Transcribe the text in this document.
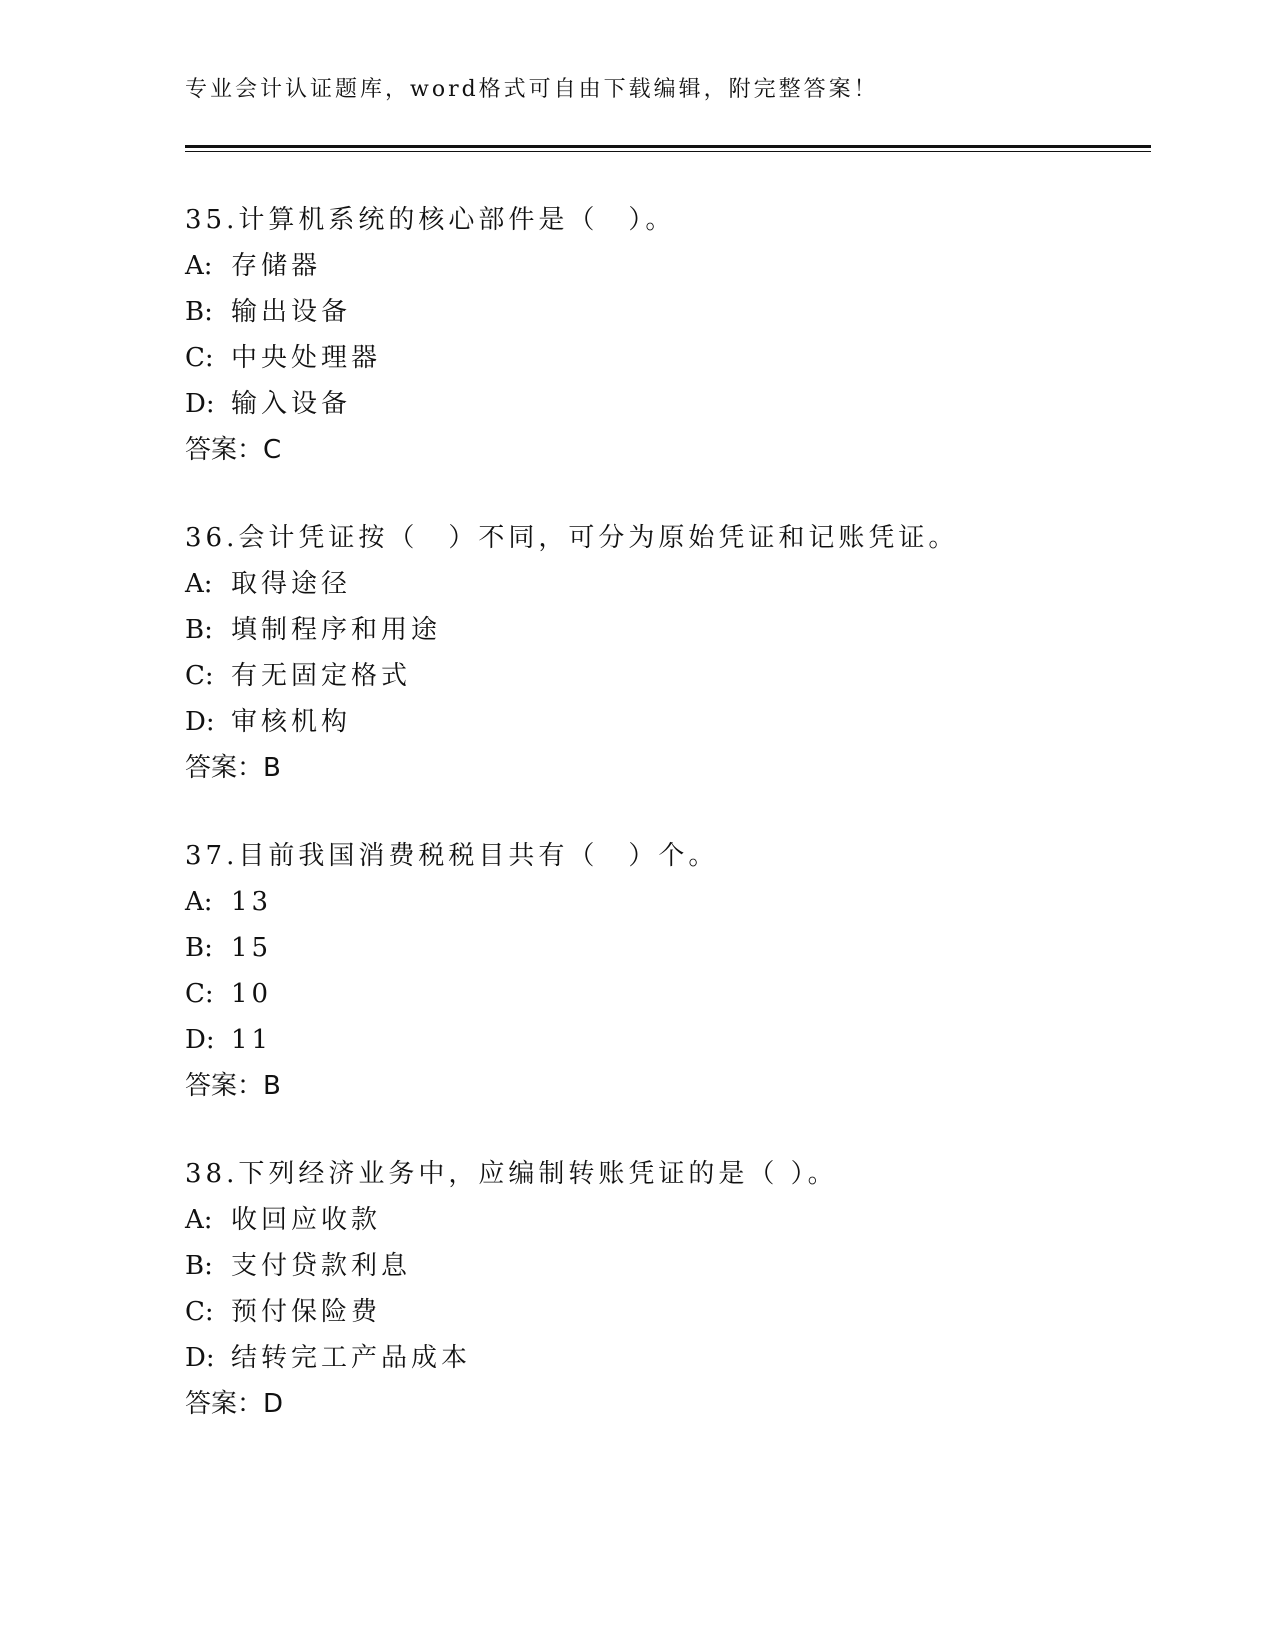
专业会计认证题库，word格式可自由下载编辑，附完整答案！
35.计算机系统的核心部件是（　）。
A: 存储器
B: 输出设备
C: 中央处理器
D: 输入设备
答案：C
36.会计凭证按（　）不同，可分为原始凭证和记账凭证。
A: 取得途径
B: 填制程序和用途
C: 有无固定格式
D: 审核机构
答案：B
37.目前我国消费税税目共有（　）个。
A: 13
B: 15
C: 10
D: 11
答案：B
38.下列经济业务中，应编制转账凭证的是（ ）。
A: 收回应收款
B: 支付贷款利息
C: 预付保险费
D: 结转完工产品成本
答案：D
